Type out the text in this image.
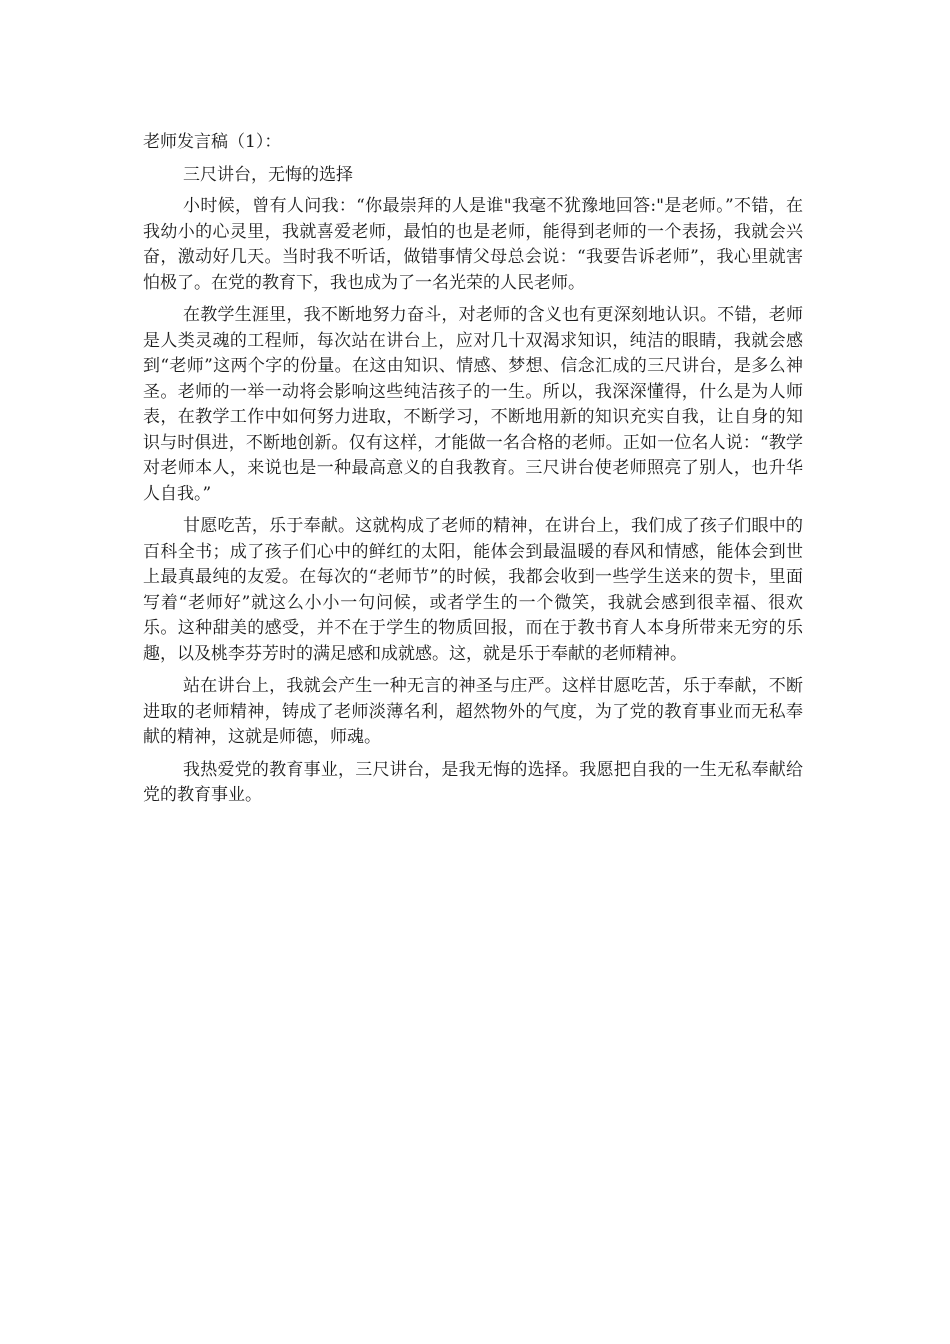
老师发言稿（1）：
三尺讲台，无悔的选择

小时候，曾有人问我：“你最崇拜的人是谁"我毫不犹豫地回答:"是老师。”不错，在我幼小的心灵里，我就喜爱老师，最怕的也是老师，能得到老师的一个表扬，我就会兴奋，激动好几天。当时我不听话，做错事情父母总会说：“我要告诉老师”，我心里就害怕极了。在党的教育下，我也成为了一名光荣的人民老师。

在教学生涯里，我不断地努力奋斗，对老师的含义也有更深刻地认识。不错，老师是人类灵魂的工程师，每次站在讲台上，应对几十双渴求知识，纯洁的眼睛，我就会感到“老师”这两个字的份量。在这由知识、情感、梦想、信念汇成的三尺讲台，是多么神圣。老师的一举一动将会影响这些纯洁孩子的一生。所以，我深深懂得，什么是为人师表，在教学工作中如何努力进取，不断学习，不断地用新的知识充实自我，让自身的知识与时俱进，不断地创新。仅有这样，才能做一名合格的老师。正如一位名人说：“教学对老师本人，来说也是一种最高意义的自我教育。三尺讲台使老师照亮了别人，也升华人自我。”

甘愿吃苦，乐于奉献。这就构成了老师的精神，在讲台上，我们成了孩子们眼中的百科全书；成了孩子们心中的鲜红的太阳，能体会到最温暖的春风和情感，能体会到世上最真最纯的友爱。在每次的“老师节”的时候，我都会收到一些学生送来的贺卡，里面写着“老师好”就这么小小一句问候，或者学生的一个微笑，我就会感到很幸福、很欢乐。这种甜美的感受，并不在于学生的物质回报，而在于教书育人本身所带来无穷的乐趣，以及桃李芬芳时的满足感和成就感。这，就是乐于奉献的老师精神。

站在讲台上，我就会产生一种无言的神圣与庄严。这样甘愿吃苦，乐于奉献，不断进取的老师精神，铸成了老师淡薄名利，超然物外的气度，为了党的教育事业而无私奉献的精神，这就是师德，师魂。

我热爱党的教育事业，三尺讲台，是我无悔的选择。我愿把自我的一生无私奉献给党的教育事业。
